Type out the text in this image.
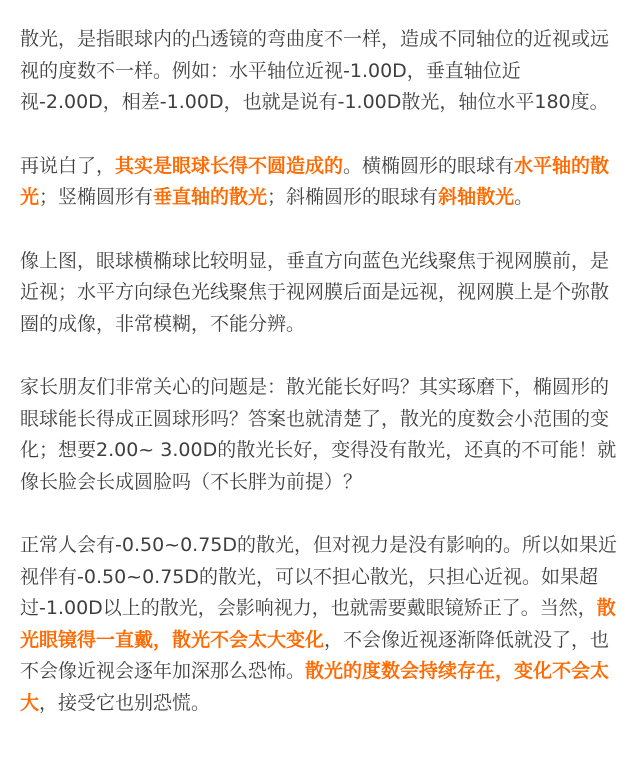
散光，是指眼球内的凸透镜的弯曲度不一样，造成不同轴位的近视或远视的度数不一样。例如：水平轴位近视-1.00D，垂直轴位近视-2.00D，相差-1.00D，也就是说有-1.00D散光，轴位水平180度。

再说白了，其实是眼球长得不圆造成的。横椭圆形的眼球有水平轴的散光；竖椭圆形有垂直轴的散光；斜椭圆形的眼球有斜轴散光。

像上图，眼球横椭球比较明显，垂直方向蓝色光线聚焦于视网膜前，是近视；水平方向绿色光线聚焦于视网膜后面是远视，视网膜上是个弥散圈的成像，非常模糊，不能分辨。

家长朋友们非常关心的问题是：散光能长好吗？其实琢磨下，椭圆形的眼球能长得成正圆球形吗？答案也就清楚了，散光的度数会小范围的变化；想要2.00~ 3.00D的散光长好，变得没有散光，还真的不可能！就像长脸会长成圆脸吗（不长胖为前提）？

正常人会有-0.50~0.75D的散光，但对视力是没有影响的。所以如果近视伴有-0.50~0.75D的散光，可以不担心散光，只担心近视。如果超过-1.00D以上的散光，会影响视力，也就需要戴眼镜矫正了。当然，散光眼镜得一直戴，散光不会太大变化，不会像近视逐渐降低就没了，也不会像近视会逐年加深那么恐怖。散光的度数会持续存在，变化不会太大，接受它也别恐慌。
